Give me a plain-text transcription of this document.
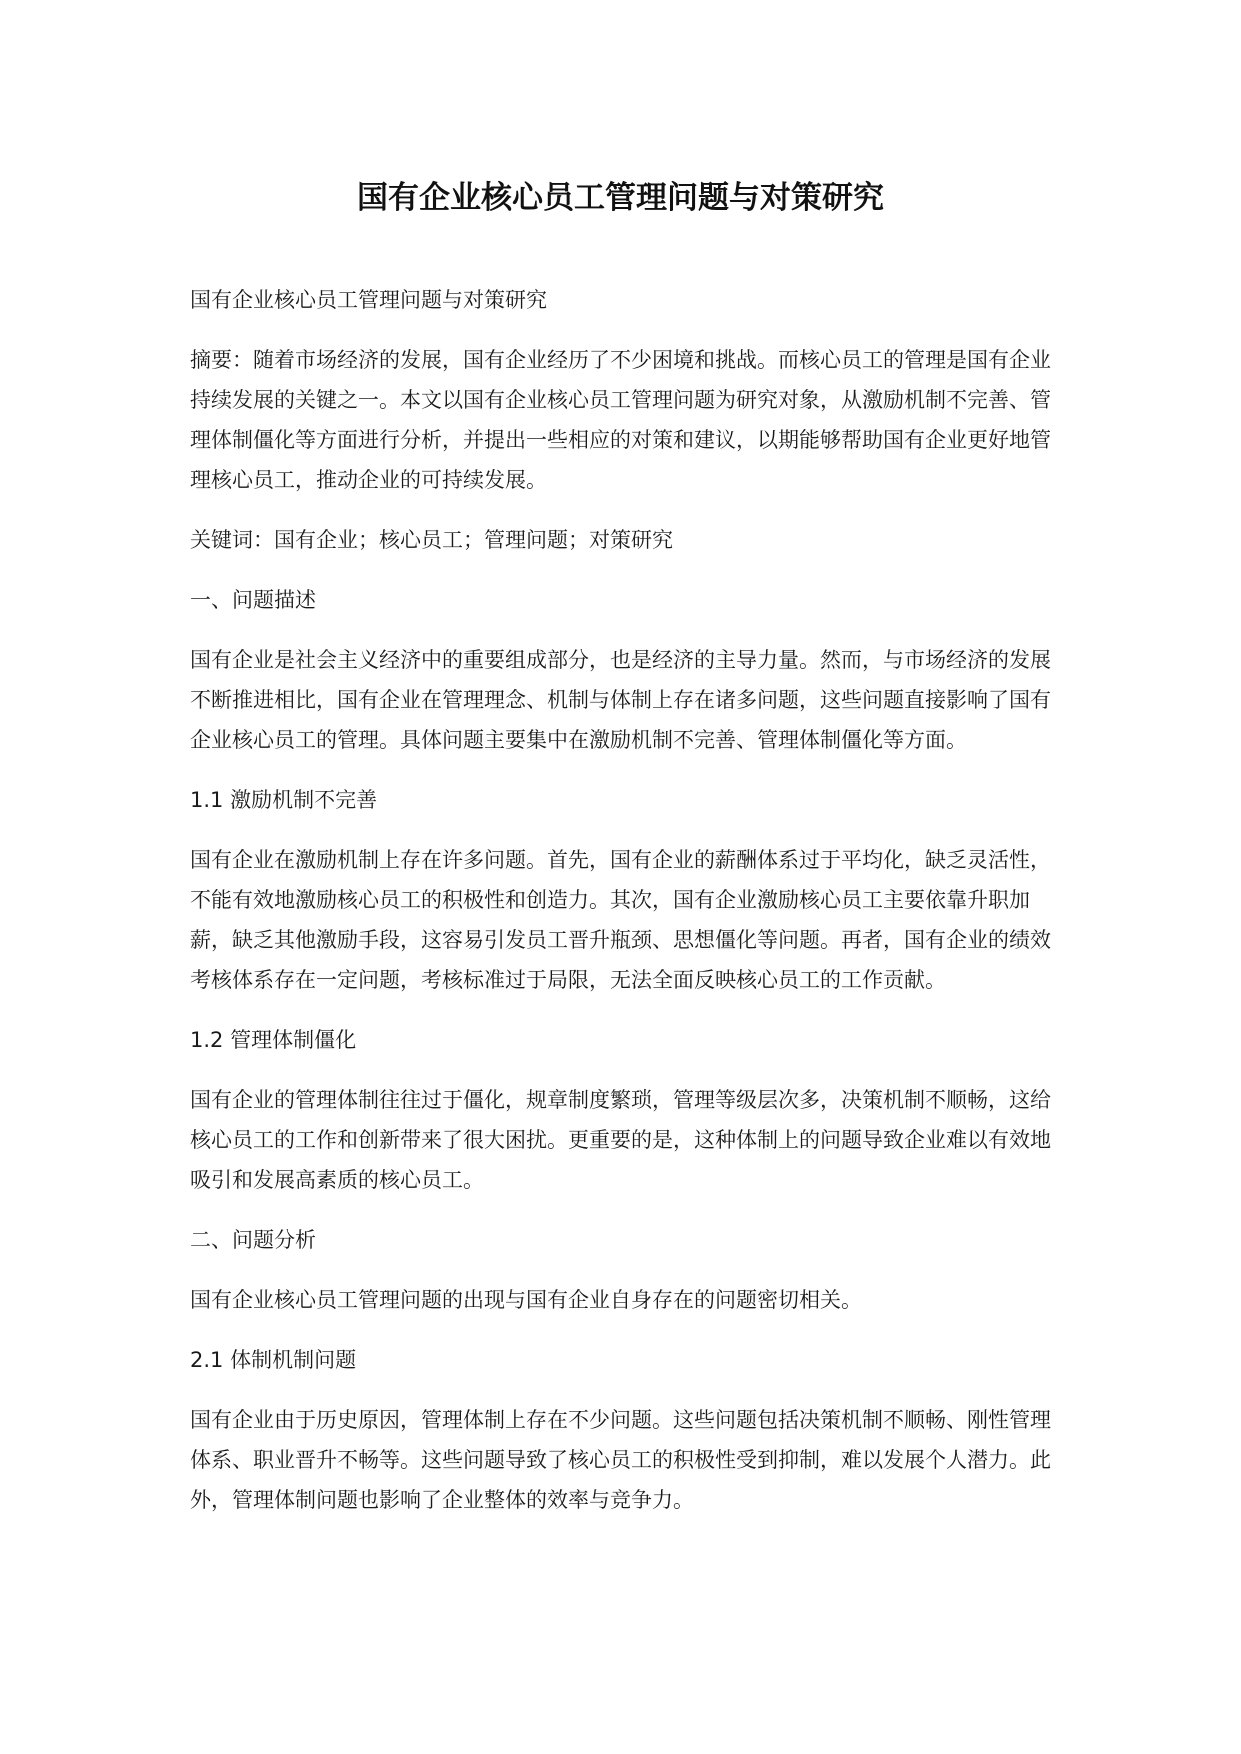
国有企业核心员工管理问题与对策研究

国有企业核心员工管理问题与对策研究

摘要：随着市场经济的发展，国有企业经历了不少困境和挑战。而核心员工的管理是国有企业持续发展的关键之一。本文以国有企业核心员工管理问题为研究对象，从激励机制不完善、管理体制僵化等方面进行分析，并提出一些相应的对策和建议，以期能够帮助国有企业更好地管理核心员工，推动企业的可持续发展。

关键词：国有企业；核心员工；管理问题；对策研究

一、问题描述

国有企业是社会主义经济中的重要组成部分，也是经济的主导力量。然而，与市场经济的发展不断推进相比，国有企业在管理理念、机制与体制上存在诸多问题，这些问题直接影响了国有企业核心员工的管理。具体问题主要集中在激励机制不完善、管理体制僵化等方面。

1.1 激励机制不完善

国有企业在激励机制上存在许多问题。首先，国有企业的薪酬体系过于平均化，缺乏灵活性，不能有效地激励核心员工的积极性和创造力。其次，国有企业激励核心员工主要依靠升职加薪，缺乏其他激励手段，这容易引发员工晋升瓶颈、思想僵化等问题。再者，国有企业的绩效考核体系存在一定问题，考核标准过于局限，无法全面反映核心员工的工作贡献。

1.2 管理体制僵化

国有企业的管理体制往往过于僵化，规章制度繁琐，管理等级层次多，决策机制不顺畅，这给核心员工的工作和创新带来了很大困扰。更重要的是，这种体制上的问题导致企业难以有效地吸引和发展高素质的核心员工。

二、问题分析

国有企业核心员工管理问题的出现与国有企业自身存在的问题密切相关。

2.1 体制机制问题

国有企业由于历史原因，管理体制上存在不少问题。这些问题包括决策机制不顺畅、刚性管理体系、职业晋升不畅等。这些问题导致了核心员工的积极性受到抑制，难以发展个人潜力。此外，管理体制问题也影响了企业整体的效率与竞争力。
